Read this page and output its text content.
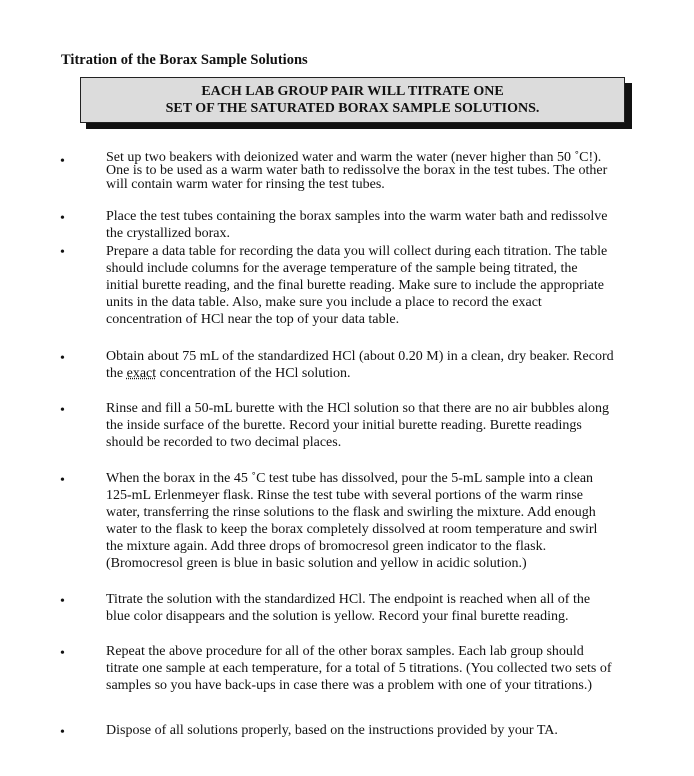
Titration of the Borax Sample Solutions
EACH LAB GROUP PAIR WILL TITRATE ONE
SET OF THE SATURATED BORAX SAMPLE SOLUTIONS.
•	Set up two beakers with deionized water and warm the water (never higher than 50 ˚C!).
One is to be used as a warm water bath to redissolve the borax in the test tubes. The other
will contain warm water for rinsing the test tubes.
•	Place the test tubes containing the borax samples into the warm water bath and redissolve
the crystallized borax.
•	Prepare a data table for recording the data you will collect during each titration. The table
should include columns for the average temperature of the sample being titrated, the
initial burette reading, and the final burette reading. Make sure to include the appropriate
units in the data table. Also, make sure you include a place to record the exact
concentration of HCl near the top of your data table.
•	Obtain about 75 mL of the standardized HCl (about 0.20 M) in a clean, dry beaker. Record
the exact concentration of the HCl solution.
•	Rinse and fill a 50-mL burette with the HCl solution so that there are no air bubbles along
the inside surface of the burette. Record your initial burette reading. Burette readings
should be recorded to two decimal places.
•	When the borax in the 45 ˚C test tube has dissolved, pour the 5-mL sample into a clean
125-mL Erlenmeyer flask. Rinse the test tube with several portions of the warm rinse
water, transferring the rinse solutions to the flask and swirling the mixture. Add enough
water to the flask to keep the borax completely dissolved at room temperature and swirl
the mixture again. Add three drops of bromocresol green indicator to the flask.
(Bromocresol green is blue in basic solution and yellow in acidic solution.)
•	Titrate the solution with the standardized HCl. The endpoint is reached when all of the
blue color disappears and the solution is yellow. Record your final burette reading.
•	Repeat the above procedure for all of the other borax samples. Each lab group should
titrate one sample at each temperature, for a total of 5 titrations. (You collected two sets of
samples so you have back-ups in case there was a problem with one of your titrations.)
•	Dispose of all solutions properly, based on the instructions provided by your TA.
